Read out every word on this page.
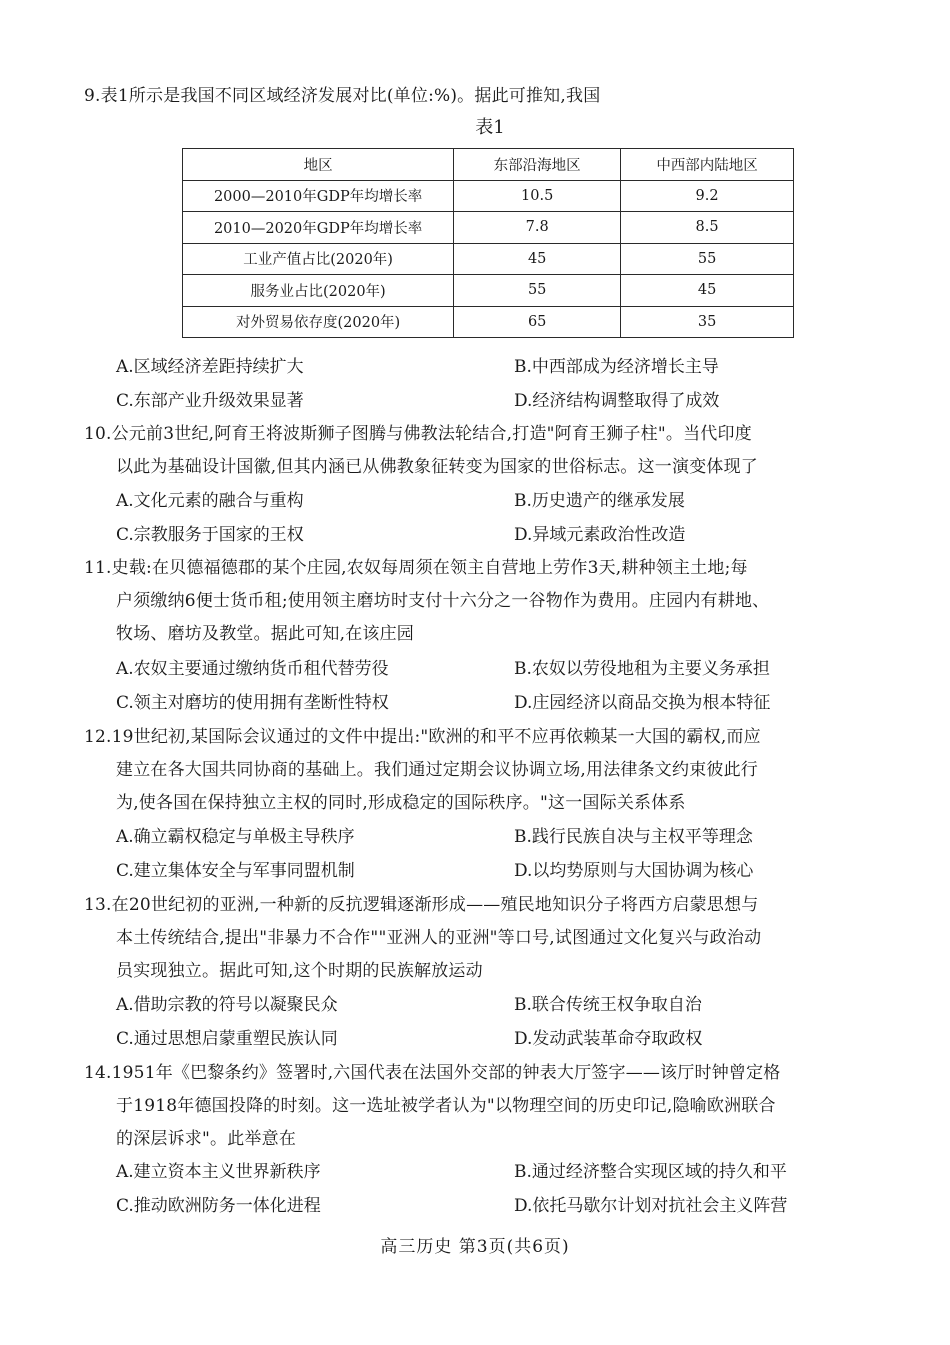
9.表1所示是我国不同区域经济发展对比(单位:%)。据此可推知,我国
表1
地区	东部沿海地区	中西部内陆地区
2000—2010年GDP年均增长率	10.5	9.2
2010—2020年GDP年均增长率	7.8	8.5
工业产值占比(2020年)	45	55
服务业占比(2020年)	55	45
对外贸易依存度(2020年)	65	35
A.区域经济差距持续扩大	B.中西部成为经济增长主导
C.东部产业升级效果显著	D.经济结构调整取得了成效
10.公元前3世纪,阿育王将波斯狮子图腾与佛教法轮结合,打造"阿育王狮子柱"。当代印度
以此为基础设计国徽,但其内涵已从佛教象征转变为国家的世俗标志。这一演变体现了
A.文化元素的融合与重构	B.历史遗产的继承发展
C.宗教服务于国家的王权	D.异域元素政治性改造
11.史载:在贝德福德郡的某个庄园,农奴每周须在领主自营地上劳作3天,耕种领主土地;每
户须缴纳6便士货币租;使用领主磨坊时支付十六分之一谷物作为费用。庄园内有耕地、
牧场、磨坊及教堂。据此可知,在该庄园
A.农奴主要通过缴纳货币租代替劳役	B.农奴以劳役地租为主要义务承担
C.领主对磨坊的使用拥有垄断性特权	D.庄园经济以商品交换为根本特征
12.19世纪初,某国际会议通过的文件中提出:"欧洲的和平不应再依赖某一大国的霸权,而应
建立在各大国共同协商的基础上。我们通过定期会议协调立场,用法律条文约束彼此行
为,使各国在保持独立主权的同时,形成稳定的国际秩序。"这一国际关系体系
A.确立霸权稳定与单极主导秩序	B.践行民族自决与主权平等理念
C.建立集体安全与军事同盟机制	D.以均势原则与大国协调为核心
13.在20世纪初的亚洲,一种新的反抗逻辑逐渐形成——殖民地知识分子将西方启蒙思想与
本土传统结合,提出"非暴力不合作""亚洲人的亚洲"等口号,试图通过文化复兴与政治动
员实现独立。据此可知,这个时期的民族解放运动
A.借助宗教的符号以凝聚民众	B.联合传统王权争取自治
C.通过思想启蒙重塑民族认同	D.发动武装革命夺取政权
14.1951年《巴黎条约》签署时,六国代表在法国外交部的钟表大厅签字——该厅时钟曾定格
于1918年德国投降的时刻。这一选址被学者认为"以物理空间的历史印记,隐喻欧洲联合
的深层诉求"。此举意在
A.建立资本主义世界新秩序	B.通过经济整合实现区域的持久和平
C.推动欧洲防务一体化进程	D.依托马歇尔计划对抗社会主义阵营
高三历史 第3页(共6页)
